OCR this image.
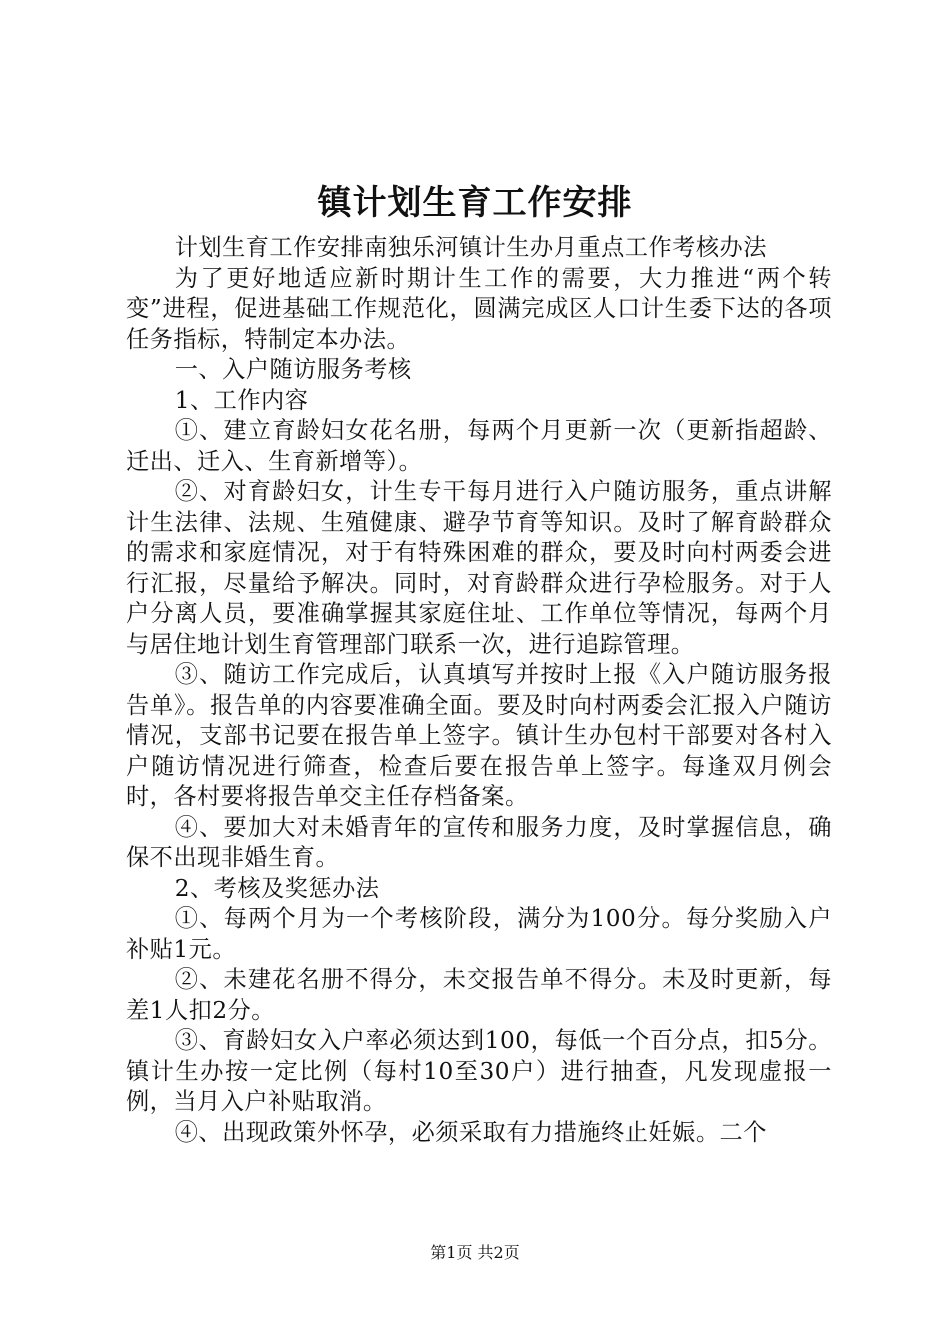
镇计划生育工作安排

计划生育工作安排南独乐河镇计生办月重点工作考核办法

为了更好地适应新时期计生工作的需要，大力推进“两个转变”进程，促进基础工作规范化，圆满完成区人口计生委下达的各项任务指标，特制定本办法。

一、入户随访服务考核

1、工作内容

①、建立育龄妇女花名册，每两个月更新一次（更新指超龄、迁出、迁入、生育新增等）。

②、对育龄妇女，计生专干每月进行入户随访服务，重点讲解计生法律、法规、生殖健康、避孕节育等知识。及时了解育龄群众的需求和家庭情况，对于有特殊困难的群众，要及时向村两委会进行汇报，尽量给予解决。同时，对育龄群众进行孕检服务。对于人户分离人员，要准确掌握其家庭住址、工作单位等情况，每两个月与居住地计划生育管理部门联系一次，进行追踪管理。

③、随访工作完成后，认真填写并按时上报《入户随访服务报告单》。报告单的内容要准确全面。要及时向村两委会汇报入户随访情况，支部书记要在报告单上签字。镇计生办包村干部要对各村入户随访情况进行筛查，检查后要在报告单上签字。每逢双月例会时，各村要将报告单交主任存档备案。

④、要加大对未婚青年的宣传和服务力度，及时掌握信息，确保不出现非婚生育。

2、考核及奖惩办法

①、每两个月为一个考核阶段，满分为100分。每分奖励入户补贴1元。

②、未建花名册不得分，未交报告单不得分。未及时更新，每差1人扣2分。

③、育龄妇女入户率必须达到100，每低一个百分点，扣5分。镇计生办按一定比例（每村10至30户）进行抽查，凡发现虚报一例，当月入户补贴取消。

④、出现政策外怀孕，必须采取有力措施终止妊娠。二个

第1页 共2页
